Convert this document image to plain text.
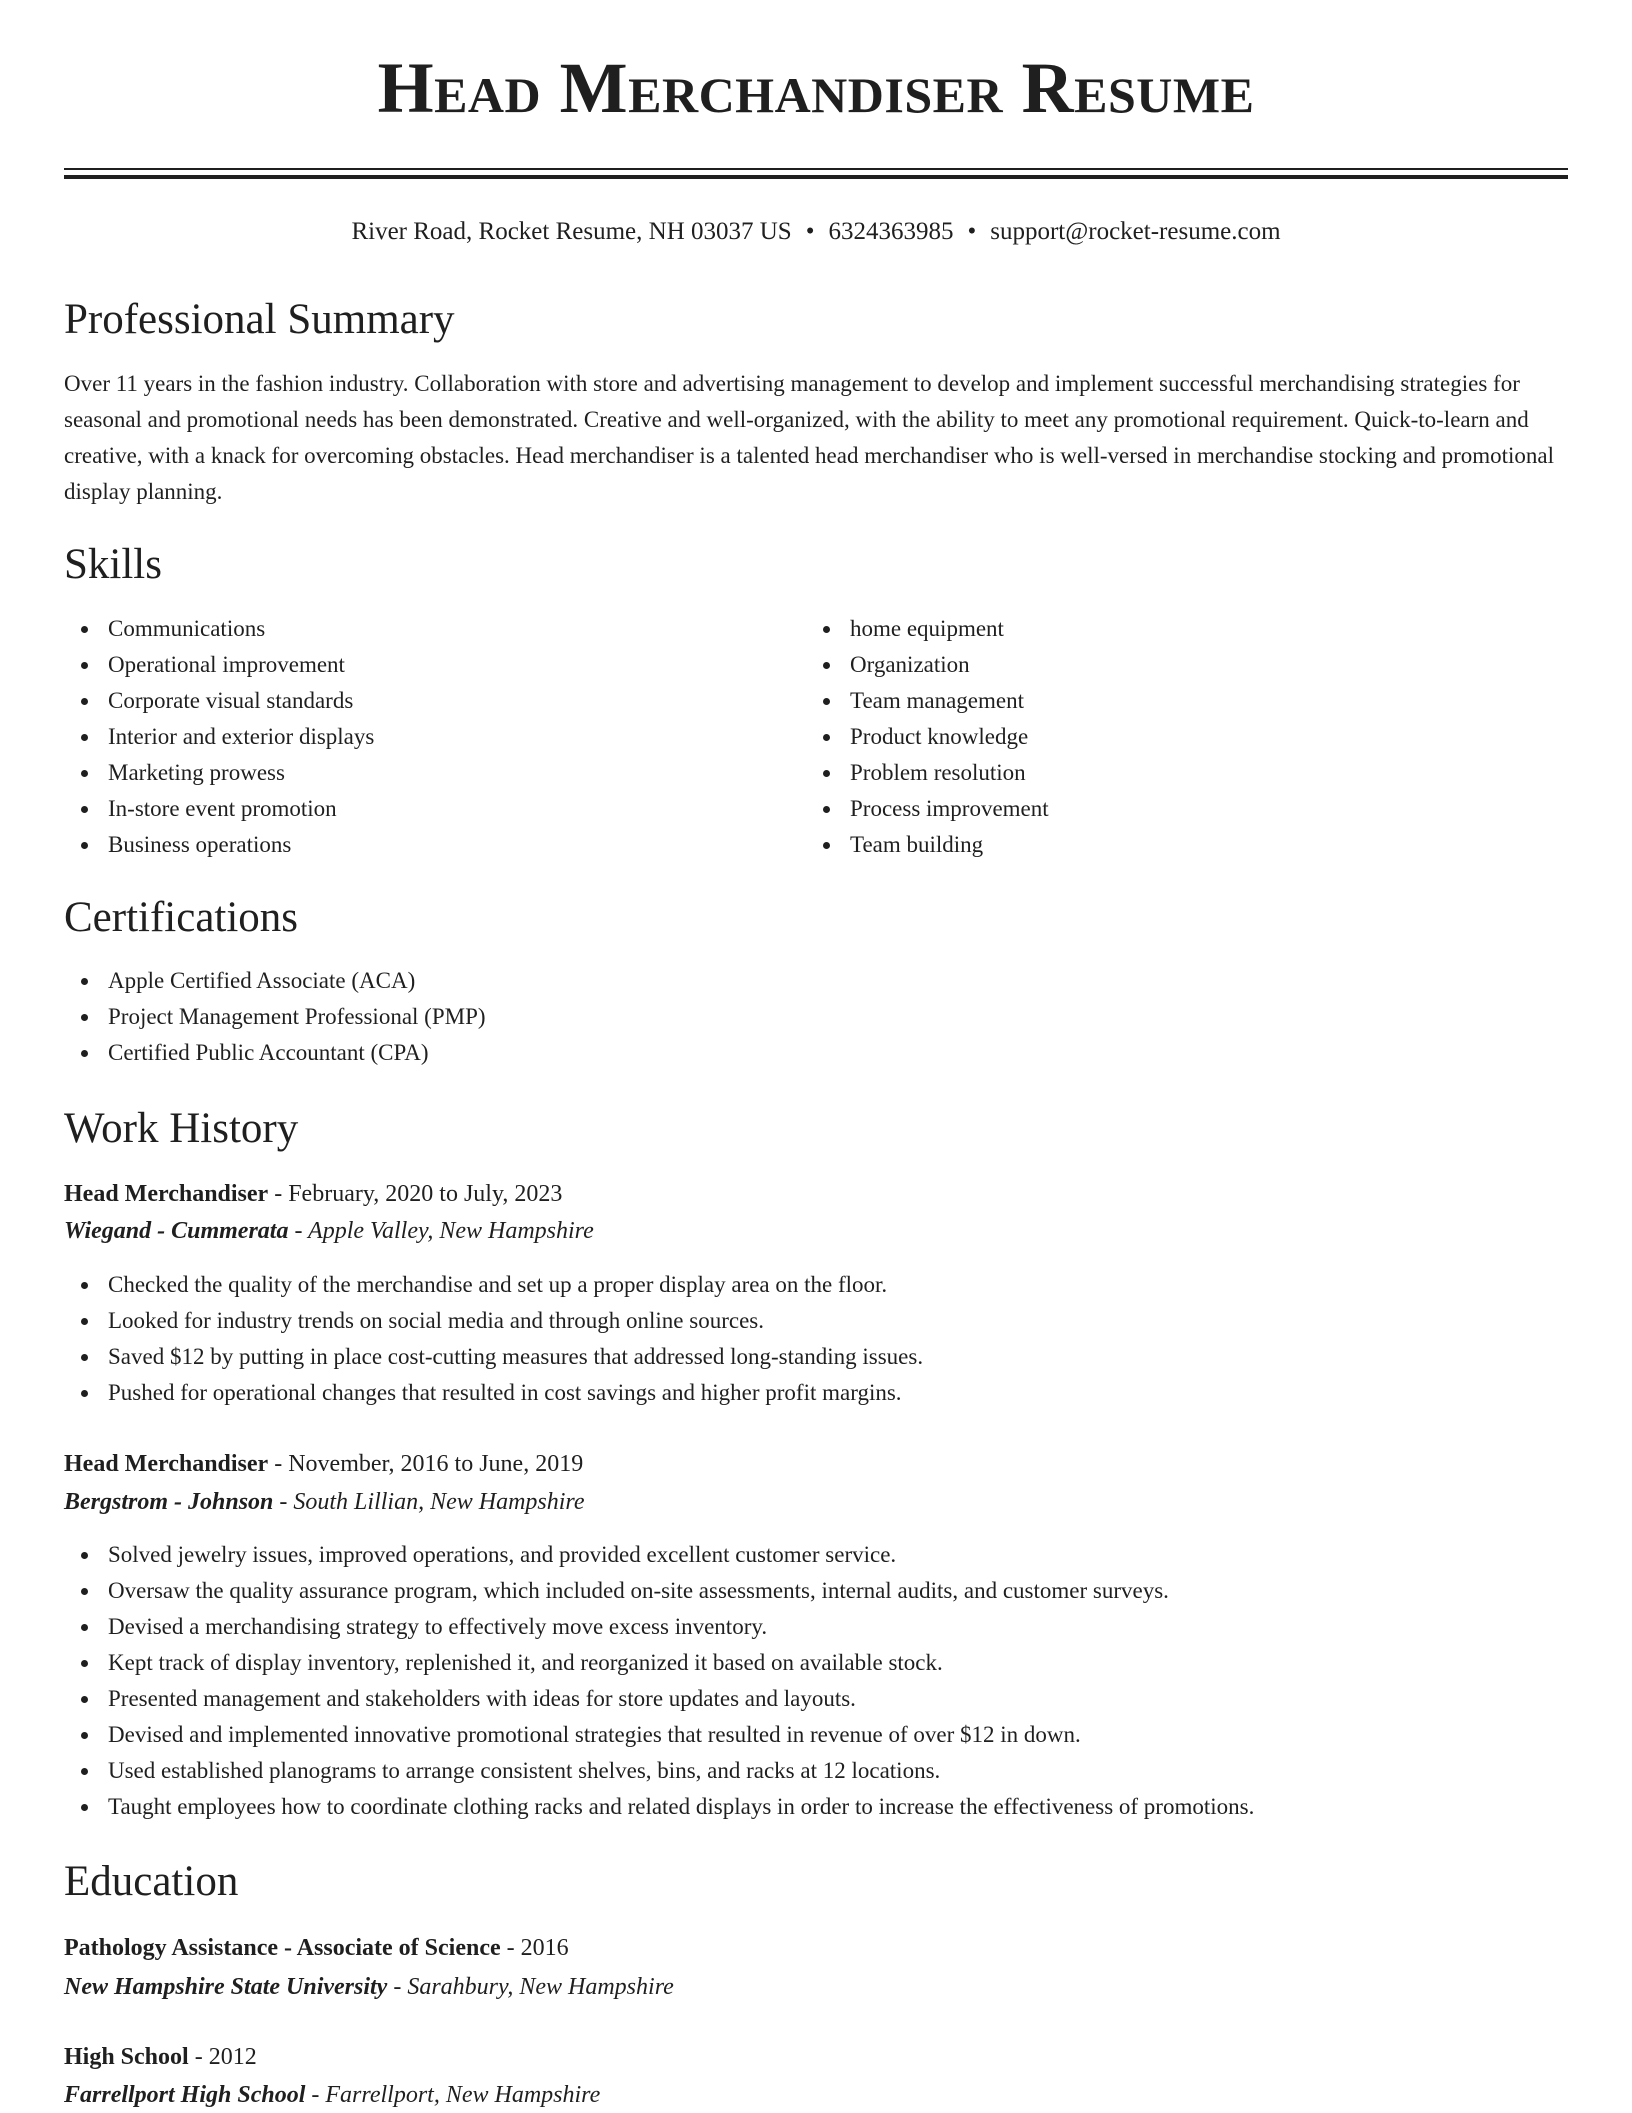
Head Merchandiser Resume
River Road, Rocket Resume, NH 03037 US • 6324363985 • support@rocket-resume.com
Professional Summary

Over 11 years in the fashion industry. Collaboration with store and advertising management to develop and implement successful merchandising strategies for seasonal and promotional needs has been demonstrated. Creative and well-organized, with the ability to meet any promotional requirement. Quick-to-learn and creative, with a knack for overcoming obstacles. Head merchandiser is a talented head merchandiser who is well-versed in merchandise stocking and promotional display planning.

Skills
Communications
Operational improvement
Corporate visual standards
Interior and exterior displays
Marketing prowess
In-store event promotion
Business operations
home equipment
Organization
Team management
Product knowledge
Problem resolution
Process improvement
Team building
Certifications
Apple Certified Associate (ACA)
Project Management Professional (PMP)
Certified Public Accountant (CPA)
Work History
Head Merchandiser - February, 2020 to July, 2023
Wiegand - Cummerata - Apple Valley, New Hampshire
Checked the quality of the merchandise and set up a proper display area on the floor.
Looked for industry trends on social media and through online sources.
Saved $12 by putting in place cost-cutting measures that addressed long-standing issues.
Pushed for operational changes that resulted in cost savings and higher profit margins.
Head Merchandiser - November, 2016 to June, 2019
Bergstrom - Johnson - South Lillian, New Hampshire
Solved jewelry issues, improved operations, and provided excellent customer service.
Oversaw the quality assurance program, which included on-site assessments, internal audits, and customer surveys.
Devised a merchandising strategy to effectively move excess inventory.
Kept track of display inventory, replenished it, and reorganized it based on available stock.
Presented management and stakeholders with ideas for store updates and layouts.
Devised and implemented innovative promotional strategies that resulted in revenue of over $12 in down.
Used established planograms to arrange consistent shelves, bins, and racks at 12 locations.
Taught employees how to coordinate clothing racks and related displays in order to increase the effectiveness of promotions.
Education
Pathology Assistance - Associate of Science - 2016
New Hampshire State University - Sarahbury, New Hampshire
High School - 2012
Farrellport High School - Farrellport, New Hampshire
